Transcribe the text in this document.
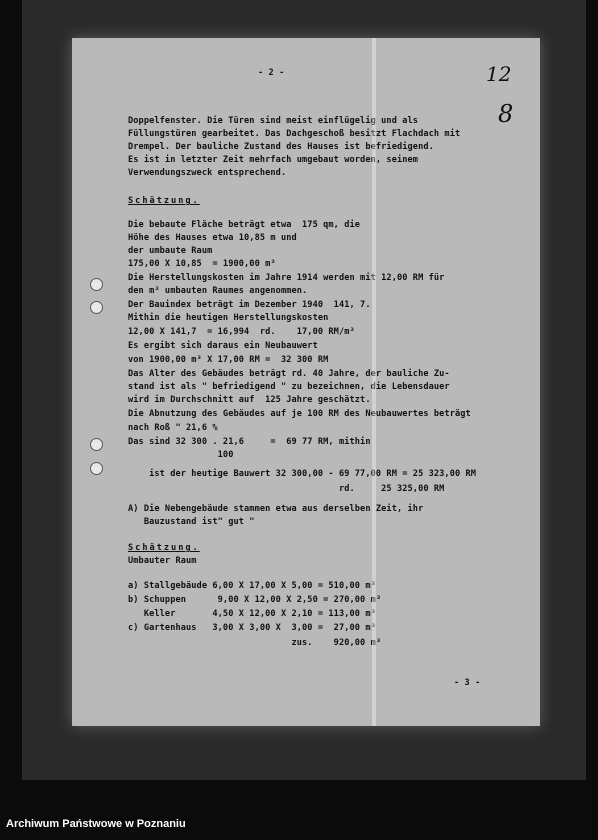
- 2 -	12
8
Doppelfenster. Die Türen sind meist einflügelig und als
Füllungstüren gearbeitet. Das Dachgeschoß besitzt Flachdach mit
Drempel. Der bauliche Zustand des Hauses ist befriedigend.
Es ist in letzter Zeit mehrfach umgebaut worden, seinem
Verwendungszweck entsprechend.
Schätzung.
Die bebaute Fläche beträgt etwa  175 qm, die
Höhe des Hauses etwa 10,85 m und
der umbaute Raum
175,00 X 10,85  = 1900,00 m³
Die Herstellungskosten im Jahre 1914 werden mit 12,00 RM für
den m³ umbauten Raumes angenommen.
Der Bauindex beträgt im Dezember 1940  141, 7.
Mithin die heutigen Herstellungskosten
12,00 X 141,7  = 16,994  rd.    17,00 RM/m³
Es ergibt sich daraus ein Neubauwert
von 1900,00 m³ X 17,00 RM =  32 300 RM
Das Alter des Gebäudes beträgt rd. 40 Jahre, der bauliche Zu-
stand ist als " befriedigend " zu bezeichnen, die Lebensdauer
wird im Durchschnitt auf  125 Jahre geschätzt.
Die Abnutzung des Gebäudes auf je 100 RM des Neubauwertes beträgt
nach Roß " 21,6 %
Das sind 32 300 . 21,6     =  69 77 RM, mithin
100
ist der heutige Bauwert 32 300,00 - 69 77,00 RM = 25 323,00 RM
rd.     25 325,00 RM
A) Die Nebengebäude stammen etwa aus derselben Zeit, ihr
Bauzustand ist" gut "
Schätzung.
Umbauter Raum
a) Stallgebäude 6,00 X 17,00 X 5,00 = 510,00 m³
b) Schuppen      9,00 X 12,00 X 2,50 = 270,00 m³
Keller       4,50 X 12,00 X 2,10 = 113,00 m³
c) Gartenhaus   3,00 X 3,00 X  3,00 =  27,00 m³
zus.    920,00 m³
- 3 -
Archiwum Państwowe w Poznaniu
